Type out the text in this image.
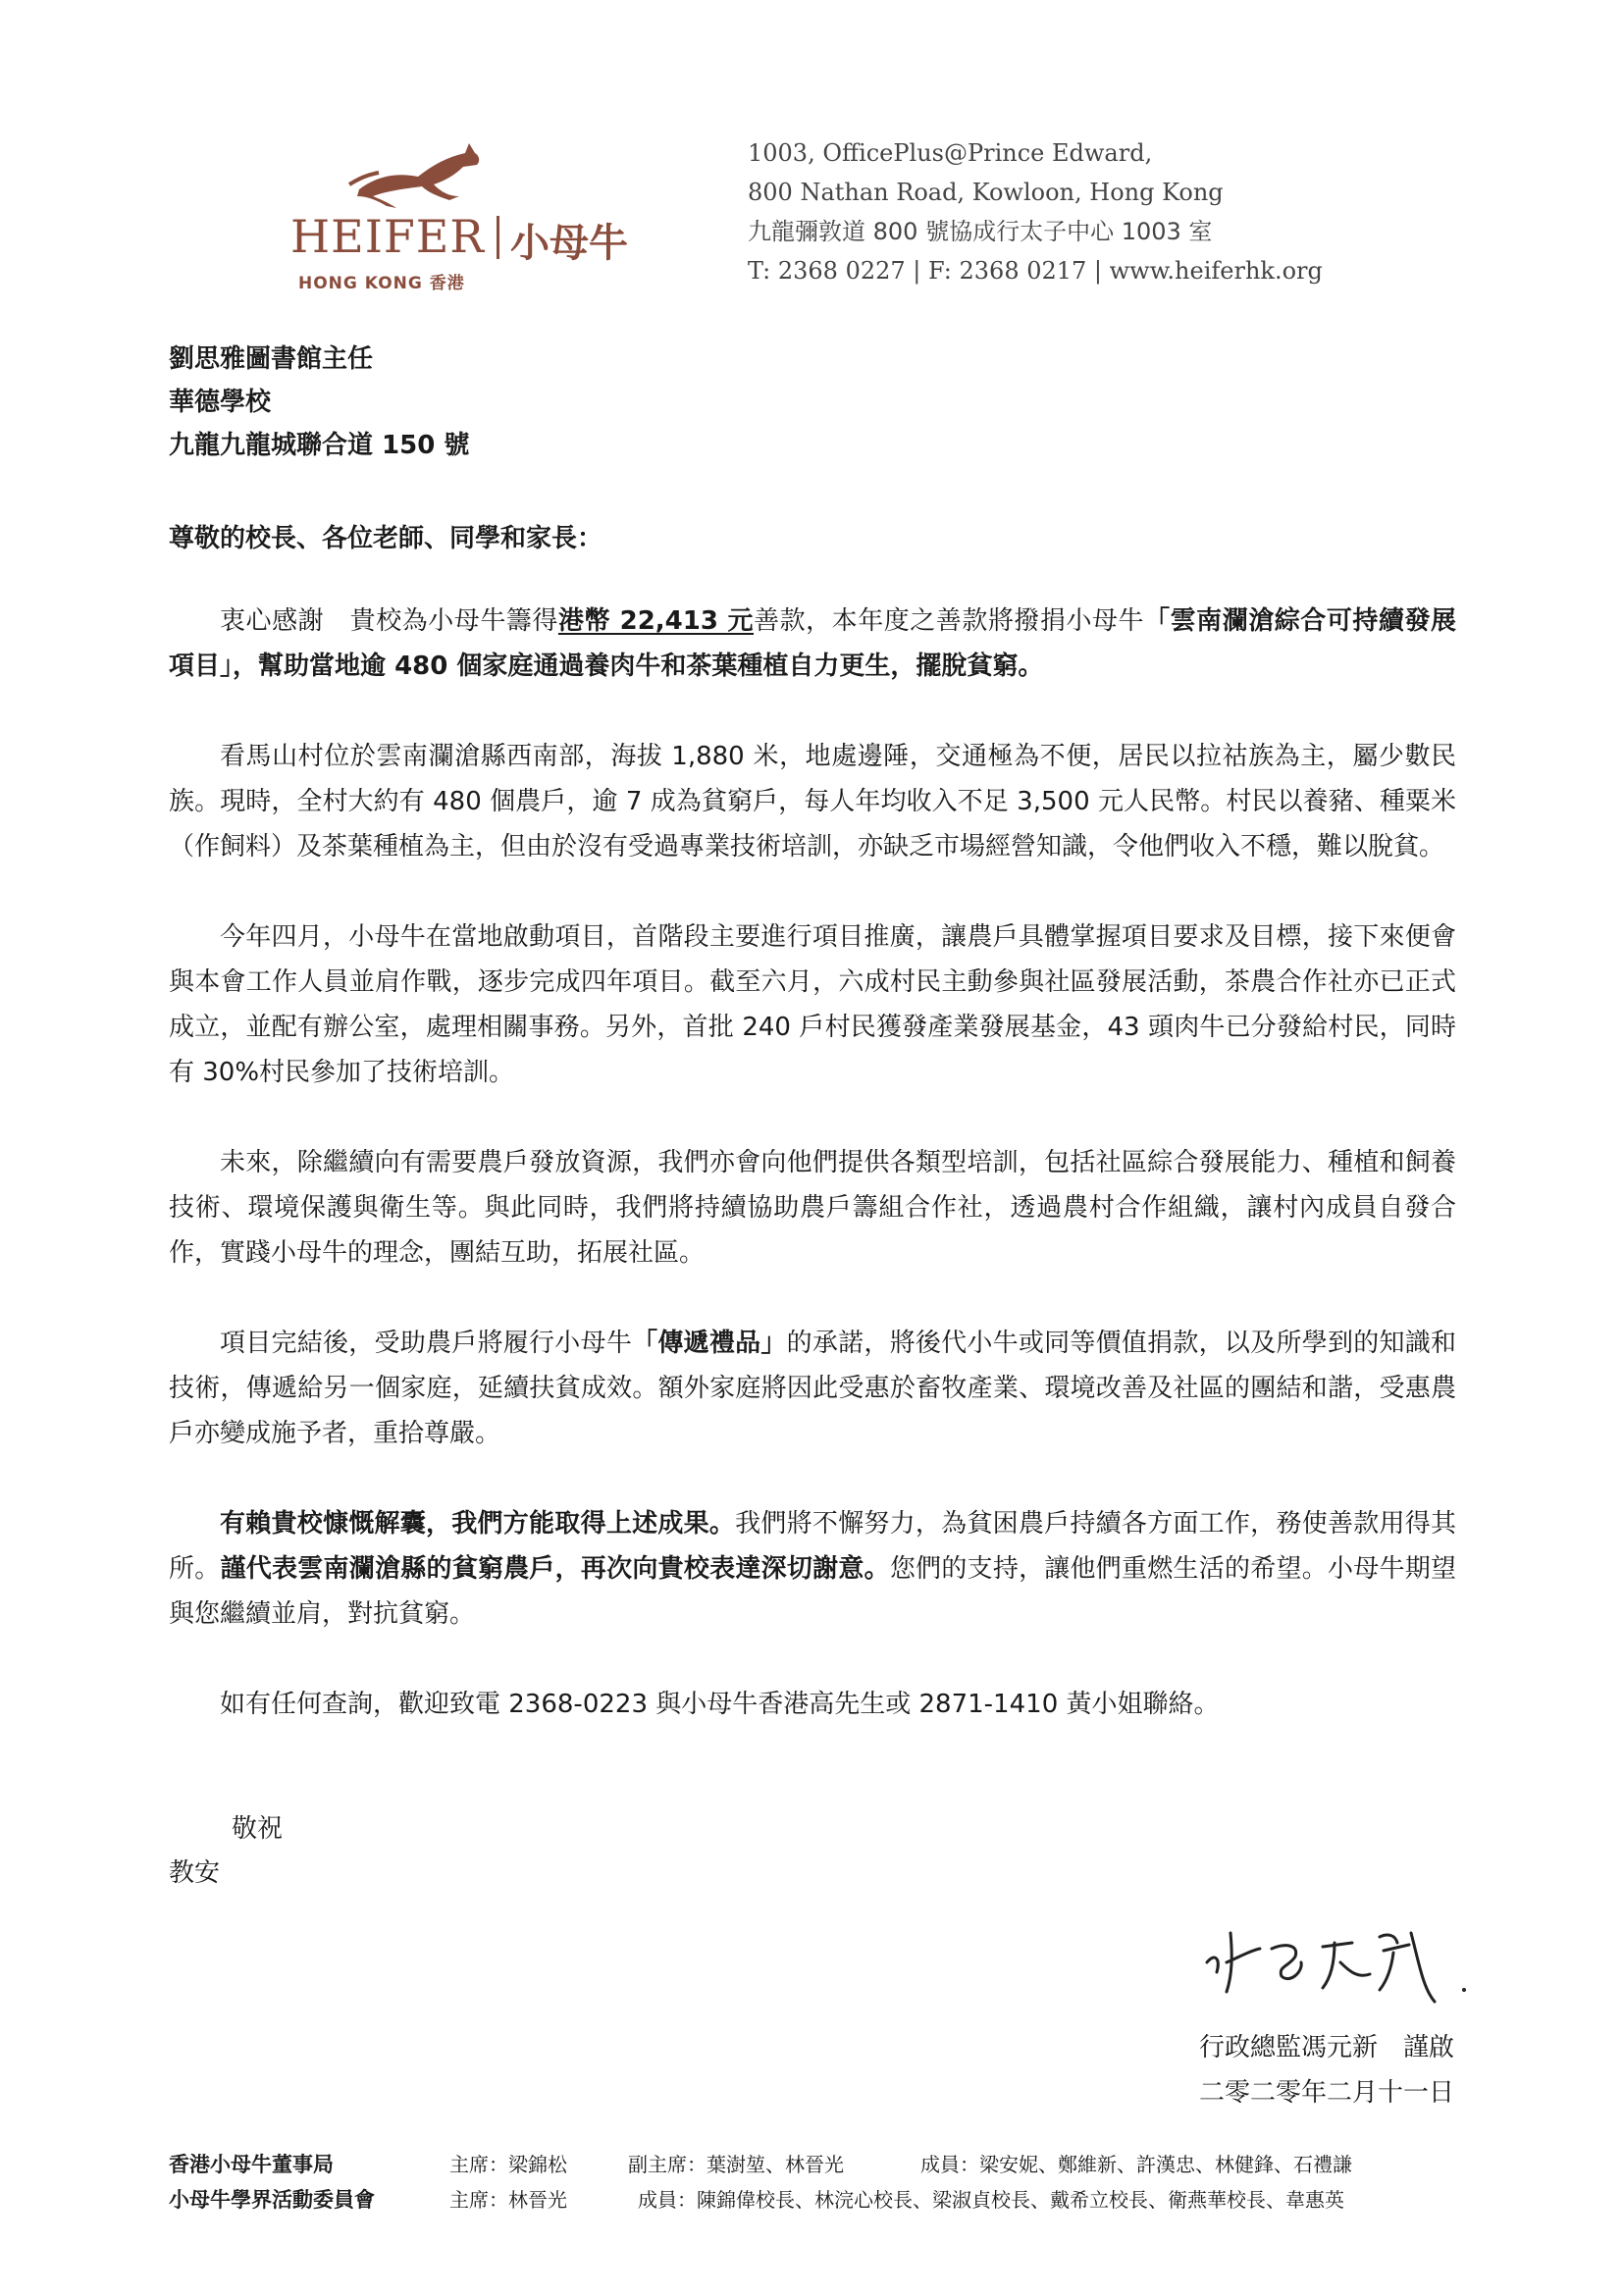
HEIFER 小母牛
HONG KONG 香港
1003, OfficePlus@Prince Edward,
800 Nathan Road, Kowloon, Hong Kong
九龍彌敦道 800 號協成行太子中心 1003 室
T: 2368 0227 | F: 2368 0217 | www.heiferhk.org
劉思雅圖書館主任
華德學校
九龍九龍城聯合道 150 號
尊敬的校長、各位老師、同學和家長：

衷心感謝　貴校為小母牛籌得港幣 22,413 元善款，本年度之善款將撥捐小母牛「雲南瀾滄綜合可持續發展項目」，幫助當地逾 480 個家庭通過養肉牛和茶葉種植自力更生，擺脫貧窮。

看馬山村位於雲南瀾滄縣西南部，海拔 1,880 米，地處邊陲，交通極為不便，居民以拉祜族為主，屬少數民族。現時，全村大約有 480 個農戶，逾 7 成為貧窮戶，每人年均收入不足 3,500 元人民幣。村民以養豬、種粟米（作飼料）及茶葉種植為主，但由於沒有受過專業技術培訓，亦缺乏市場經營知識，令他們收入不穩，難以脫貧。

今年四月，小母牛在當地啟動項目，首階段主要進行項目推廣，讓農戶具體掌握項目要求及目標，接下來便會與本會工作人員並肩作戰，逐步完成四年項目。截至六月，六成村民主動參與社區發展活動，茶農合作社亦已正式成立，並配有辦公室，處理相關事務。另外，首批 240 戶村民獲發產業發展基金，43 頭肉牛已分發給村民，同時有 30%村民參加了技術培訓。

未來，除繼續向有需要農戶發放資源，我們亦會向他們提供各類型培訓，包括社區綜合發展能力、種植和飼養技術、環境保護與衛生等。與此同時，我們將持續協助農戶籌組合作社，透過農村合作組織，讓村內成員自發合作，實踐小母牛的理念，團結互助，拓展社區。

項目完結後，受助農戶將履行小母牛「傳遞禮品」的承諾，將後代小牛或同等價值捐款，以及所學到的知識和技術，傳遞給另一個家庭，延續扶貧成效。額外家庭將因此受惠於畜牧產業、環境改善及社區的團結和諧，受惠農戶亦變成施予者，重拾尊嚴。

有賴貴校慷慨解囊，我們方能取得上述成果。我們將不懈努力，為貧困農戶持續各方面工作，務使善款用得其所。謹代表雲南瀾滄縣的貧窮農戶，再次向貴校表達深切謝意。您們的支持，讓他們重燃生活的希望。小母牛期望與您繼續並肩，對抗貧窮。

如有任何查詢，歡迎致電 2368-0223 與小母牛香港高先生或 2871-1410 黃小姐聯絡。

敬祝
教安
行政總監馮元新　謹啟
二零二零年二月十一日
香港小母牛董事局	主席：梁錦松	副主席：葉澍堃、林晉光	成員：梁安妮、鄭維新、許漢忠、林健鋒、石禮謙
小母牛學界活動委員會	主席：林晉光	成員：陳錦偉校長、林浣心校長、梁淑貞校長、戴希立校長、衛燕華校長、韋惠英
